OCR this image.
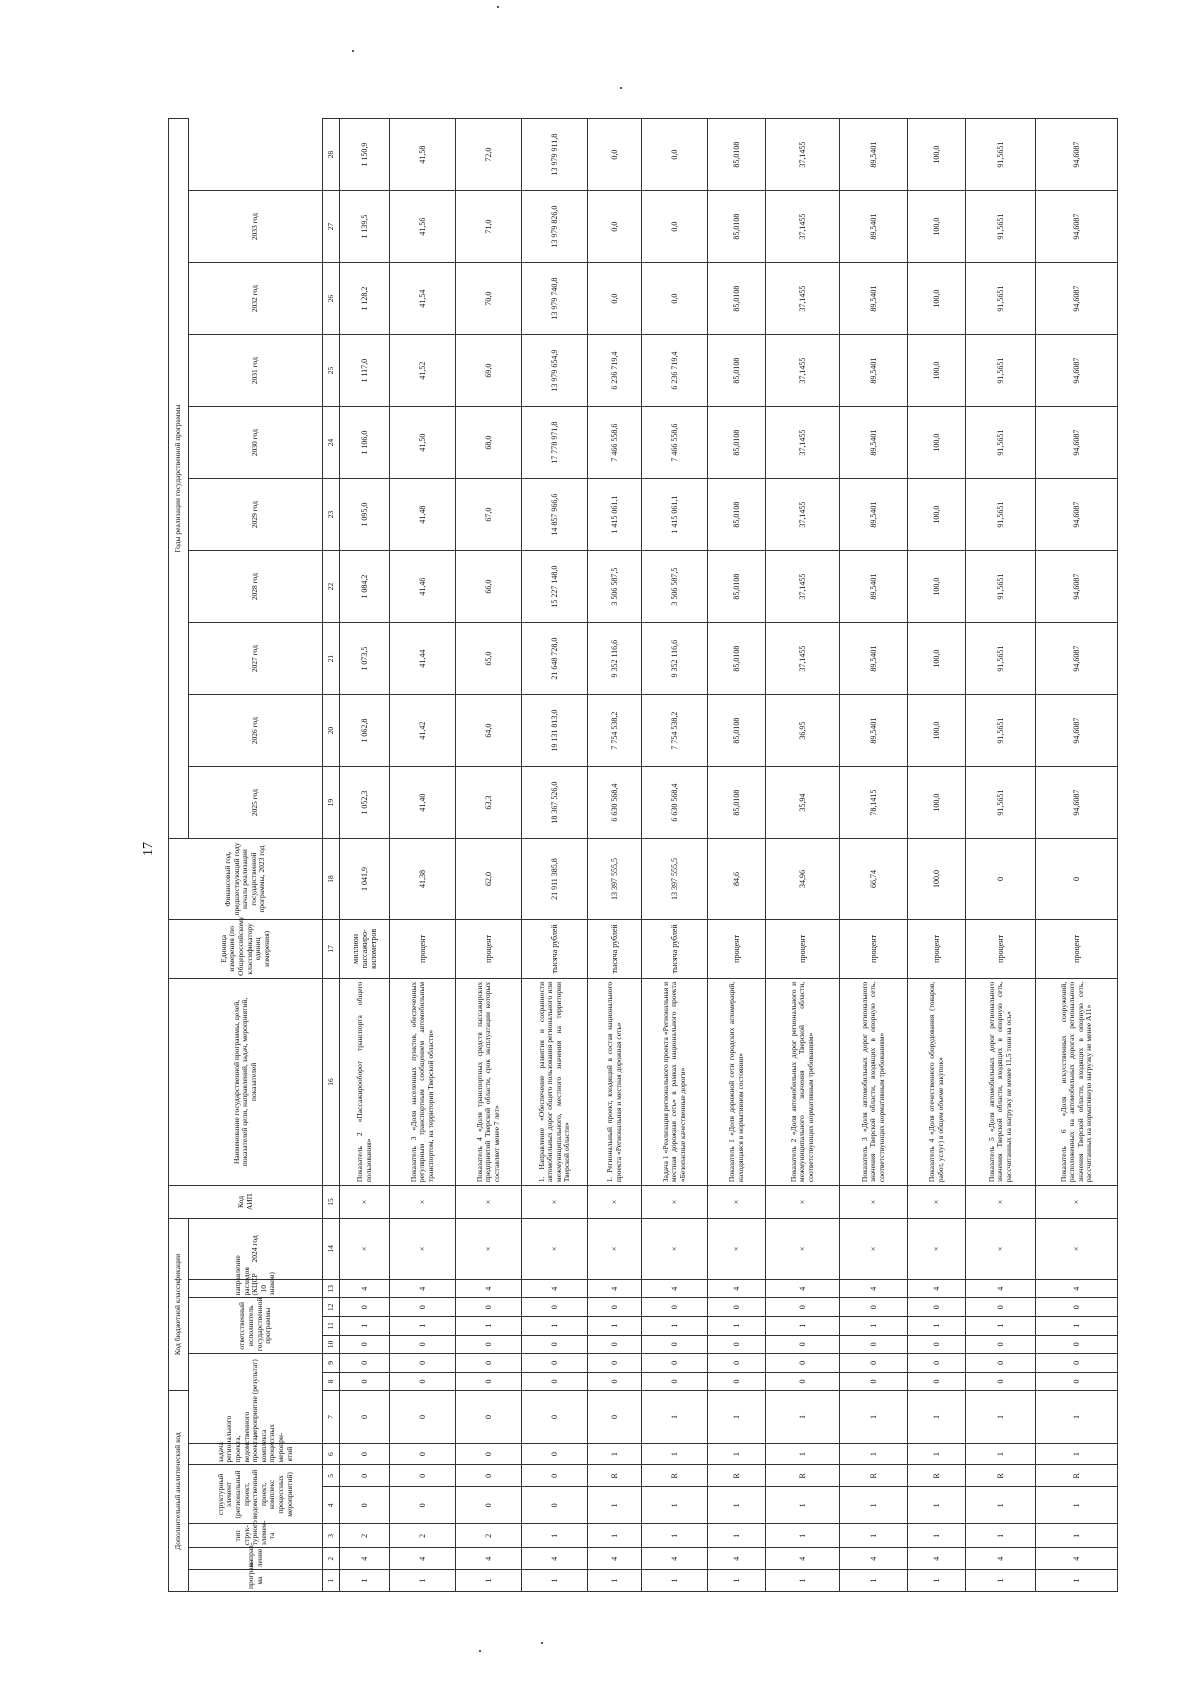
17
Дополнительный аналитический код							Код бюджетной классификации							Код АИП	Наименование государственной программы, целей, показателей цели, направлений, задач, мероприятий, показателей	Единица измерения (по Общероссийскому классификатору единиц измерения)	Финансовый год, предшествующий году начала реализации государственной программы, 2023 год	Годы реализации государственной программы									
програм-ма	направ-ление	тип струк-турного элемен-та	структурный элемент (региональный проект, ведомственный проект, комплекс процессных мероприятий)		задача регионального проекта, ведомственного проекта, комплекса процессных меропри-ятий	мероприятие (результат)			ответственный исполнитель государственной программы			направление расходов (КЦСР 10 знаков)	2024 год					2025 год	2026 год	2027 год	2028 год	2029 год	2030 год	2031 год	2032 год	2033 год	

1	2	3	4	5	6	7	8	9	10	11	12	13	14	15	16	17	18	19	20	21	22	23	24	25	26	27	28
1	4	2	0	0	0	0	0	0	0	1	0	4	×	×	Показатель 2 «Пассажирооборот транспорта общего пользования»	миллион пассажиро-километров	1 041,9	1 052,3	1 062,8	1 073,5	1 084,2	1 095,0	1 106,0	1 117,0	1 128,2	1 139,5	1 150,9
1	4	2	0	0	0	0	0	0	0	1	0	4	×	×	Показатель 3 «Доля населенных пунктов, обеспеченных регулярным транспортным сообщением автомобильным транспортом, на территории Тверской области»	процент	41,38	41,40	41,42	41,44	41,46	41,48	41,50	41,52	41,54	41,56	41,58
1	4	2	0	0	0	0	0	0	0	1	0	4	×	×	Показатель 4 «Доля транспортных средств пассажирских предприятий Тверской области, срок эксплуатации которых составляет менее 7 лет»	процент	62,0	63,3	64,0	65,0	66,0	67,0	68,0	69,0	70,0	71,0	72,0
1	4	1	0	0	0	0	0	0	0	1	0	4	×	×	1. Направление «Обеспечение развития и сохранности автомобильных дорог общего пользования регионального или межмуниципального, местного значения на территории Тверской области»	тысяча рублей	21 911 385,8	18 367 526,0	19 131 813,0	21 648 728,0	15 227 148,0	14 857 966,6	17 778 971,8	13 979 654,9	13 979 740,8	13 979 826,0	13 979 911,8
1	4	1	1	R	1	0	0	0	0	1	0	4	×	×	1. Региональный проект, входящий в состав национального проекта «Региональная и местная дорожная сеть»	тысяча рублей	13 397 555,5	6 630 568,4	7 754 538,2	9 352 116,6	3 506 587,5	1 415 061,1	7 466 558,6	6 236 719,4	0,0	0,0	0,0
1	4	1	1	R	1	1	0	0	0	1	0	4	×	×	Задача 1 «Реализация регионального проекта «Региональная и местная дорожная сеть» в рамках национального проекта «Безопасные качественные дороги»	тысяча рублей	13 397 555,5	6 630 568,4	7 754 538,2	9 352 116,6	3 506 587,5	1 415 061,1	7 466 558,6	6 236 719,4	0,0	0,0	0,0
1	4	1	1	R	1	1	0	0	0	1	0	4	×	×	Показатель 1 «Доля дорожной сети городских агломераций, находящаяся в нормативном состоянии»	процент	84,6	85,0108	85,0108	85,0108	85,0108	85,0108	85,0108	85,0108	85,0108	85,0108	85,0108
1	4	1	1	R	1	1	0	0	0	1	0	4	×	×	Показатель 2 «Доля автомобильных дорог регионального и межмуниципального значения Тверской области, соответствующих нормативным требованиям»	процент	34,96	35,94	36,95	37,1455	37,1455	37,1455	37,1455	37,1455	37,1455	37,1455	37,1455
1	4	1	1	R	1	1	0	0	0	1	0	4	×	×	Показатель 3 «Доля автомобильных дорог регионального значения Тверской области, входящих в опорную сеть, соответствующих нормативным требованиям»	процент	66,74	78,1415	89,5401	89,5401	89,5401	89,5401	89,5401	89,5401	89,5401	89,5401	89,5401
1	4	1	1	R	1	1	0	0	0	1	0	4	×	×	Показатель 4 «Доля отечественного оборудования (товаров, работ, услуг) в общем объеме закупок»	процент	100,0	100,0	100,0	100,0	100,0	100,0	100,0	100,0	100,0	100,0	100,0
1	4	1	1	R	1	1	0	0	0	1	0	4	×	×	Показатель 5 «Доля автомобильных дорог регионального значения Тверской области, входящих в опорную сеть, рассчитанных на нагрузку не менее 11,5 тонн на ось»	процент	0	91,5651	91,5651	91,5651	91,5651	91,5651	91,5651	91,5651	91,5651	91,5651	91,5651
1	4	1	1	R	1	1	0	0	0	1	0	4	×	×	Показатель 6 «Доля искусственных сооружений, расположенных на автомобильных дорогах регионального значения Тверской области, входящих в опорную сеть, рассчитанных на нормативную нагрузку не менее А11»	процент	0	94,6087	94,6087	94,6087	94,6087	94,6087	94,6087	94,6087	94,6087	94,6087	94,6087
